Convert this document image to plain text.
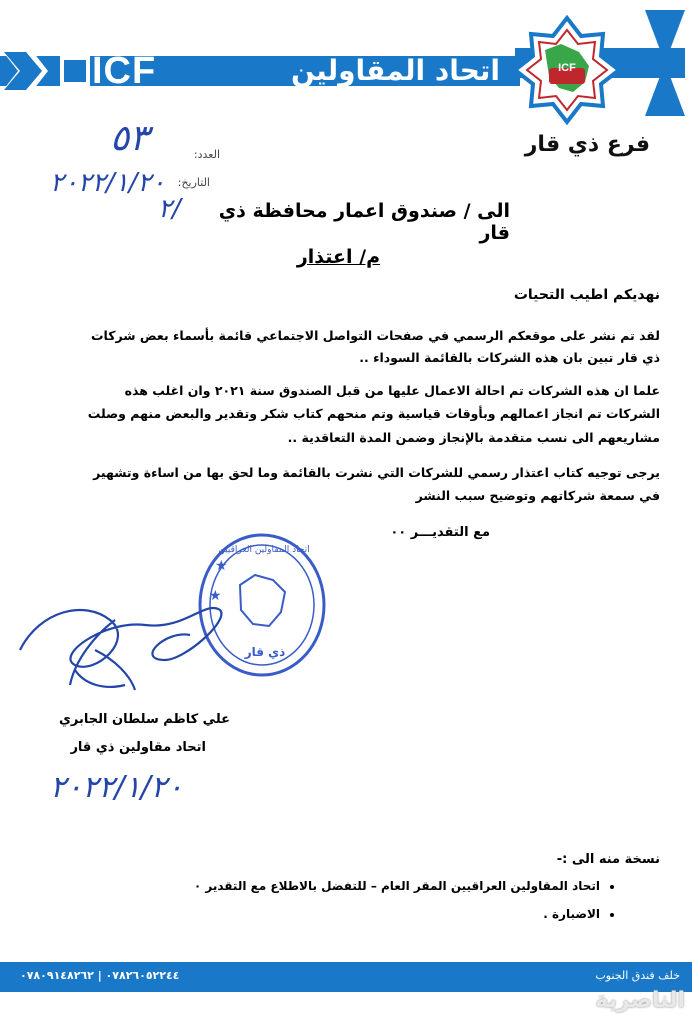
ICF	اتحاد المقاولين العراقيين
ICF
فرع ذي قار
العدد:
٥٣
التاريخ:
٢٠٢٢/١/٢٠
الى / صندوق اعمار محافظة ذي قار
٢/
م/ اعتذار
نهديكم اطيب التحيات
لقد تم نشر على موقعكم الرسمي في صفحات التواصل الاجتماعي قائمة بأسماء بعض شركات
ذي قار تبين بان هذه الشركات بالقائمة السوداء ..
علما ان هذه الشركات تم احالة الاعمال عليها من قبل الصندوق سنة ٢٠٢١ وان اغلب هذه
الشركات تم انجاز اعمالهم وبأوقات قياسية وتم منحهم كتاب شكر وتقدير والبعض منهم وصلت
مشاريعهم الى نسب متقدمة بالإنجاز وضمن المدة التعاقدية ..
يرجى توجيه كتاب اعتذار رسمي للشركات التي نشرت بالقائمة وما لحق بها من اساءة وتشهير
في سمعة شركاتهم وتوضيح سبب النشر
مع التقديـــر ٠٠
★
★
اتحاد المقاولين العراقيين
ذي قار
علي كاظم سلطان الجابري
اتحاد مقاولين ذي قار
٢٠٢٢/١/٢٠
نسخة منه الى :-
• اتحاد المقاولين العراقيين المقر العام – للتفضل بالاطلاع مع التقدير ٠
• الاضبارة .
٠٧٨٢٦٠٥٢٢٤٤ | ٠٧٨٠٩١٤٨٢٦٢	خلف فندق الجنوب
الناصرية
